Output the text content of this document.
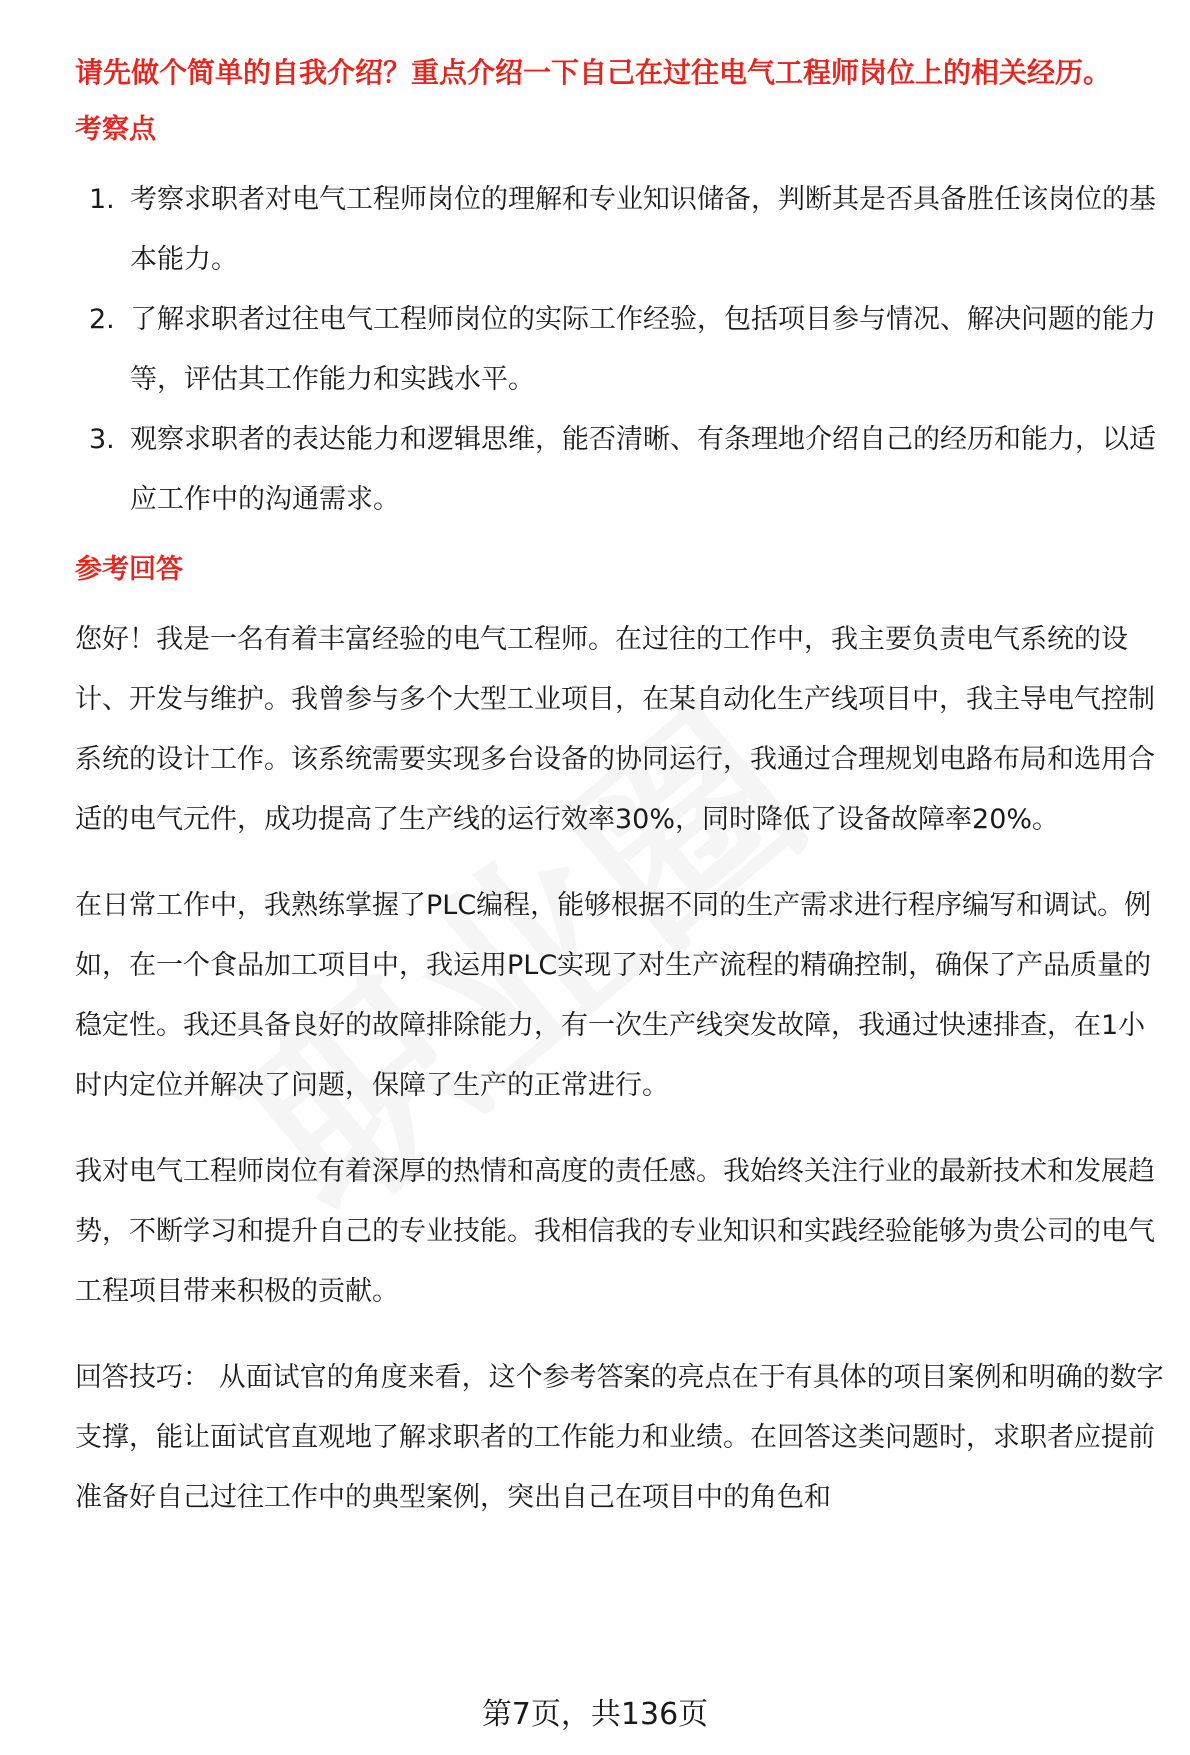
请先做个简单的自我介绍？重点介绍一下自己在过往电气工程师岗位上的相关经历。
考察点
1. 考察求职者对电气工程师岗位的理解和专业知识储备，判断其是否具备胜任该岗位的基本能力。
2. 了解求职者过往电气工程师岗位的实际工作经验，包括项目参与情况、解决问题的能力等，评估其工作能力和实践水平。
3. 观察求职者的表达能力和逻辑思维，能否清晰、有条理地介绍自己的经历和能力，以适应工作中的沟通需求。
参考回答

您好！我是一名有着丰富经验的电气工程师。在过往的工作中，我主要负责电气系统的设计、开发与维护。我曾参与多个大型工业项目，在某自动化生产线项目中，我主导电气控制系统的设计工作。该系统需要实现多台设备的协同运行，我通过合理规划电路布局和选用合适的电气元件，成功提高了生产线的运行效率30%，同时降低了设备故障率20%。

在日常工作中，我熟练掌握了PLC编程，能够根据不同的生产需求进行程序编写和调试。例如，在一个食品加工项目中，我运用PLC实现了对生产流程的精确控制，确保了产品质量的稳定性。我还具备良好的故障排除能力，有一次生产线突发故障，我通过快速排查，在1小时内定位并解决了问题，保障了生产的正常进行。

我对电气工程师岗位有着深厚的热情和高度的责任感。我始终关注行业的最新技术和发展趋势，不断学习和提升自己的专业技能。我相信我的专业知识和实践经验能够为贵公司的电气工程项目带来积极的贡献。

回答技巧： 从面试官的角度来看，这个参考答案的亮点在于有具体的项目案例和明确的数字支撑，能让面试官直观地了解求职者的工作能力和业绩。在回答这类问题时，求职者应提前准备好自己过往工作中的典型案例，突出自己在项目中的角色和

第7页，共136页
